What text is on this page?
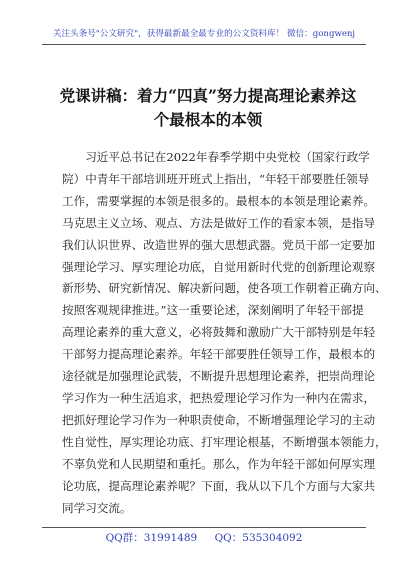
关注头条号"公文研究"，获得最新最全最专业的公文资料库！ 微信：gongwenj
党课讲稿：着力“四真”努力提高理论素养这
个最根本的本领
　　习近平总书记在2022年春季学期中央党校（国家行政学
院）中青年干部培训班开班式上指出，“年轻干部要胜任领导
工作，需要掌握的本领是很多的。最根本的本领是理论素养。
马克思主义立场、观点、方法是做好工作的看家本领，是指导
我们认识世界、改造世界的强大思想武器。党员干部一定要加
强理论学习、厚实理论功底，自觉用新时代党的创新理论观察
新形势、研究新情况、解决新问题，使各项工作朝着正确方向、
按照客观规律推进。”这一重要论述，深刻阐明了年轻干部提
高理论素养的重大意义，必将鼓舞和激励广大干部特别是年轻
干部努力提高理论素养。年轻干部要胜任领导工作，最根本的
途径就是加强理论武装，不断提升思想理论素养，把崇尚理论
学习作为一种生活追求，把热爱理论学习作为一种内在需求，
把抓好理论学习作为一种职责使命，不断增强理论学习的主动
性自觉性，厚实理论功底、打牢理论根基，不断增强本领能力，
不辜负党和人民期望和重托。那么，作为年轻干部如何厚实理
论功底，提高理论素养呢？下面，我从以下几个方面与大家共
同学习交流。
QQ群：31991489 QQ：535304092
